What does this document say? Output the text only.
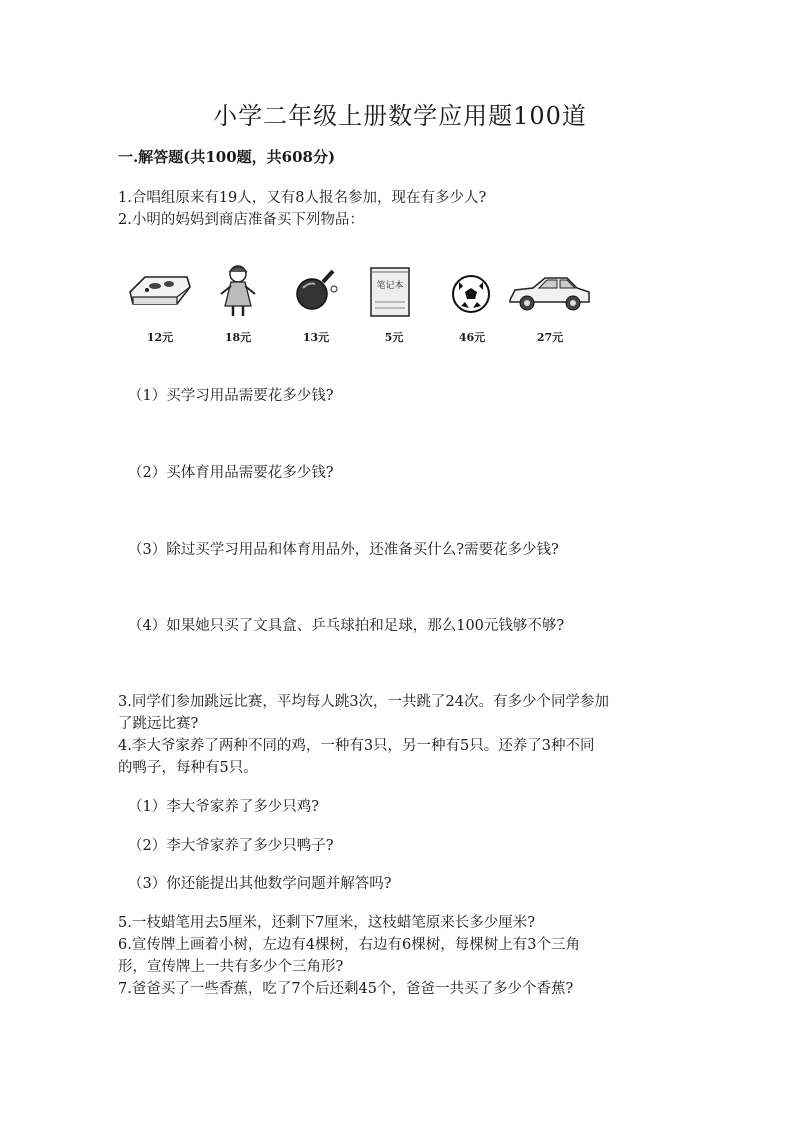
小学二年级上册数学应用题100道
一.解答题(共100题，共608分)
1.合唱组原来有19人，又有8人报名参加，现在有多少人?
2.小明的妈妈到商店准备买下列物品：
12元	18元	13元
笔记本
5元	46元	27元
（1）买学习用品需要花多少钱?
（2）买体育用品需要花多少钱?
（3）除过买学习用品和体育用品外，还准备买什么?需要花多少钱?
（4）如果她只买了文具盒、乒乓球拍和足球，那么100元钱够不够?
3.同学们参加跳远比赛，平均每人跳3次，一共跳了24次。有多少个同学参加
了跳远比赛?
4.李大爷家养了两种不同的鸡，一种有3只，另一种有5只。还养了3种不同
的鸭子，每种有5只。
（1）李大爷家养了多少只鸡?
（2）李大爷家养了多少只鸭子?
（3）你还能提出其他数学问题并解答吗?
5.一枝蜡笔用去5厘米，还剩下7厘米，这枝蜡笔原来长多少厘米?
6.宣传牌上画着小树，左边有4棵树，右边有6棵树，每棵树上有3个三角
形，宣传牌上一共有多少个三角形?
7.爸爸买了一些香蕉，吃了7个后还剩45个，爸爸一共买了多少个香蕉?
